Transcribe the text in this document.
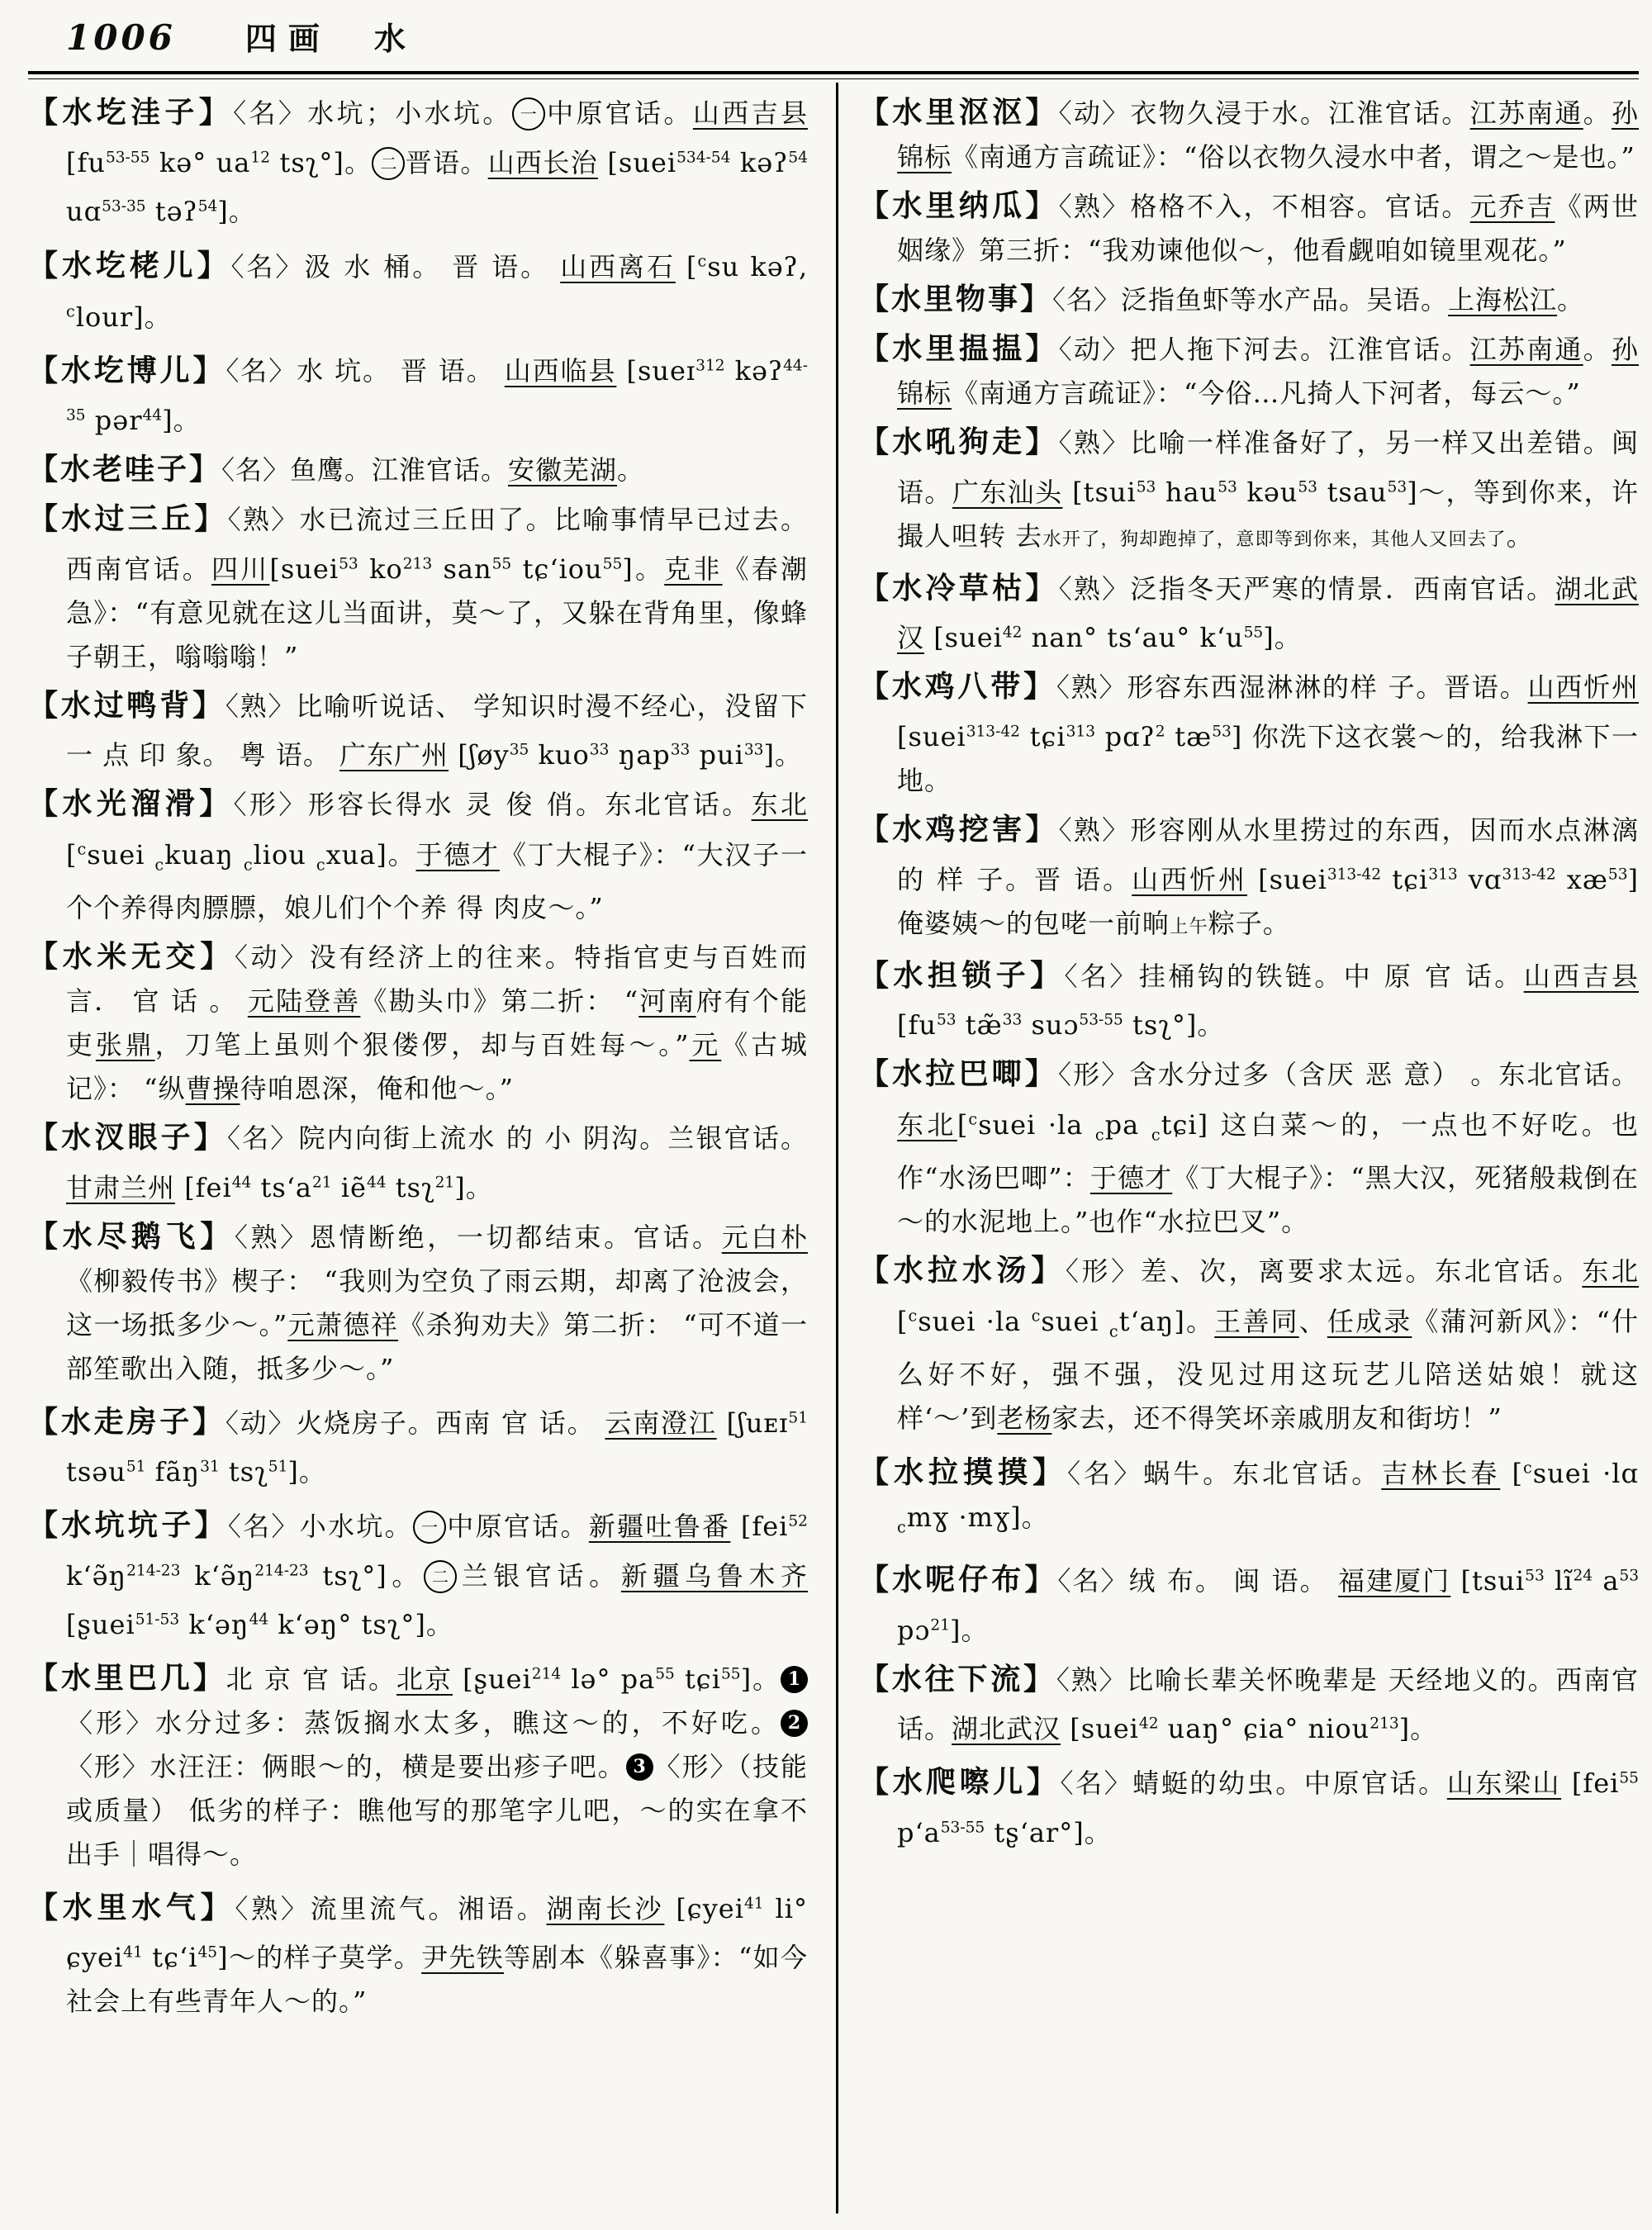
1006 四画　水

【水圪洼子】〈名〉水坑；小水坑。 一 中原官话。山西吉县 [$fu^{53-55}$ kə° $ua^{12}$ tsʅ°]。 二 晋语。山西长治 [suei$^{534-54}$ kəʔ$^{54}$ uɑ$^{53-35}$ təʔ$^{54}$]。

【水圪栳儿】〈名〉汲 水 桶。 晋 语。 山西离石 [$^c$su kəʔ‚ $^c$lour]。

【水圪博儿】〈名〉水 坑。 晋 语。 山西临县 [sueɪ$^{312}$ kəʔ$^{44-35}$ pər$^{44}$]。

【水老哇子】〈名〉鱼鹰。江淮官话。安徽芜湖。

【水过三丘】〈熟〉水已流过三丘田了。比喻事情早已过去。西南官话。四川[suei$^{53}$ $ko^{213}$ san$^{55}$ tɕʻiou$^{55}$]。克非《春潮急》：“有意见就在这儿当面讲，莫～了，又躲在背角里，像蜂子朝王，嗡嗡嗡！”

【水过鸭背】〈熟〉比喻听说话、 学知识时漫不经心，没留下一 点 印 象。 粤 语。 广东广州 [ʃøy$^{35}$ kuo$^{33}$ ŋap$^{33}$ pui$^{33}$]。

【水光溜滑】〈形〉形容长得水 灵 俊 俏。东北官话。东北 [$^c$suei $_c$kuaŋ $_c$liou $_c$xua]。于德才《丁大棍子》：“大汉子一个个养得肉膘膘，娘儿们个个养 得 肉皮～。”

【水米无交】〈动〉没有经济上的往来。特指官吏与百姓而言． 官 话 。 元陆登善《勘头巾》第二折： “河南府有个能吏张鼎，刀笔上虽则个狠偻㑩，却与百姓每～。”元《古城记》： “纵曹操待咱恩深，俺和他～。”

【水汊眼子】〈名〉院内向街上流水 的 小 阴沟。兰银官话。甘肃兰州 [fei$^{44}$ tsʻa$^{21}$ iẽ$^{44}$ tsʅ$^{21}$]。

【水尽鹅飞】〈熟〉恩情断绝，一切都结束。官话。元白朴《柳毅传书》楔子： “我则为空负了雨云期，却离了沧波会，这一场抵多少～。”元萧德祥《杀狗劝夫》第二折： “可不道一部笙歌出入随，抵多少～。”

【水走房子】〈动〉火烧房子。西南 官 话。 云南澄江 [ʃuᴇɪ$^{51}$ tsəu$^{51}$ fãŋ$^{31}$ tsʅ$^{51}$]。

【水坑坑子】〈名〉小水坑。 一 中原官话。新疆吐鲁番 [fei$^{52}$ $kʻə̃ŋ^{214-23}$ $kʻə̃ŋ^{214-23}$ tsʅ°]。 二 兰银官话。新疆乌鲁木齐 [ʂuei$^{51-53}$ kʻəŋ$^{44}$ kʻəŋ° tsʅ°]。

【水里巴几】北 京 官 话。北京 [ʂuei$^{214}$ lə° $pa^{55}$ tɕi$^{55}$]。 1〈形〉水分过多：蒸饭搁水太多，瞧这～的，不好吃。 2〈形〉水汪汪：俩眼～的，横是要出疹子吧。 3 〈形〉（技能或质量） 低劣的样子：瞧他写的那笔字儿吧，～的实在拿不出手｜唱得～。

【水里水气】〈熟〉流里流气。湘语。湖南长沙 [ɕyei$^{41}$ li° ɕyei$^{41}$ tɕʻi$^{45}$]～的样子莫学。尹先铁等剧本《躲喜事》：“如今社会上有些青年人～的。”

【水里沤沤】〈动〉衣物久浸于水。江淮官话。江苏南通。孙锦标《南通方言疏证》：“俗以衣物久浸水中者，谓之～是也。”

【水里纳瓜】〈熟〉格格不入，不相容。官话。元乔吉《两世姻缘》第三折：“我劝谏他似～，他看觑咱如镜里观花。”

【水里物事】〈名〉泛指鱼虾等水产品。吴语。上海松江。

【水里揾揾】〈动〉把人拖下河去。江淮官话。江苏南通。孙锦标《南通方言疏证》：“今俗…凡掎人下河者，每云～。”

【水吼狗走】〈熟〉比喻一样准备好了，另一样又出差错。闽语。广东汕头 [tsui$^{53}$ hau$^{53}$ kəu$^{53}$ tsau$^{53}$]～，等到你来，许撮人呾转 去水开了，狗却跑掉了，意即等到你来，其他人又回去了。

【水冷草枯】〈熟〉泛指冬天严寒的情景．西南官话。湖北武汉 [suei$^{42}$ nan° tsʻau° kʻu$^{55}$]。

【水鸡八带】〈熟〉形容东西湿淋淋的样 子。晋语。山西忻州 [suei$^{313-42}$ tɕi$^{313}$ pɑʔ$^2$ $tæ^{53}$] 你洗下这衣裳～的，给我淋下一地。

【水鸡挖害】〈熟〉形容刚从水里捞过的东西，因而水点淋漓 的 样 子。晋 语。山西忻州 [suei$^{313-42}$ tɕi$^{313}$ vɑ$^{313-42}$ $xæ^{53}$] 俺婆姨～的包咾一前晌上午粽子。

【水担锁子】〈名〉挂桶钩的铁链。中 原 官 话。山西吉县 [$fu^{53}$ tæ̃$^{33}$ suɔ$^{53-55}$ tsʅ°]。

【水拉巴唧】〈形〉含水分过多（含厌 恶 意） 。东北官话。东北[$^c$suei ·la $_c$pa $_c$tɕi] 这白菜～的，一点也不好吃。也作“水汤巴唧”：于德才《丁大棍子》：“黑大汉，死猪般栽倒在～的水泥地上。”也作“水拉巴叉”。

【水拉水汤】〈形〉差、次，离要求太远。东北官话。东北[$^c$suei ·la $^c$suei $_c$tʻaŋ]。王善同、任成录《蒲河新风》：“什么好不好，强不强，没见过用这玩艺儿陪送姑娘！就这样‘～’到老杨家去，还不得笑坏亲戚朋友和街坊！”

【水拉摸摸】〈名〉蜗牛。东北官话。吉林长春 [$^c$suei ·lɑ $_c$mɣ ·mɣ]。

【水呢仔布】〈名〉绒 布。 闽 语。 福建厦门 [tsui$^{53}$ $lĩ^{24}$ $a^{53}$ pɔ$^{21}$]。

【水往下流】〈熟〉比喻长辈关怀晚辈是 天经地义的。西南官话。湖北武汉 [suei$^{42}$ uaŋ° ɕia° niou$^{213}$]。

【水爬嚓儿】〈名〉蜻蜓的幼虫。中原官话。山东梁山 [fei$^{55}$ pʻa$^{53-55}$ tʂʻar°]。
